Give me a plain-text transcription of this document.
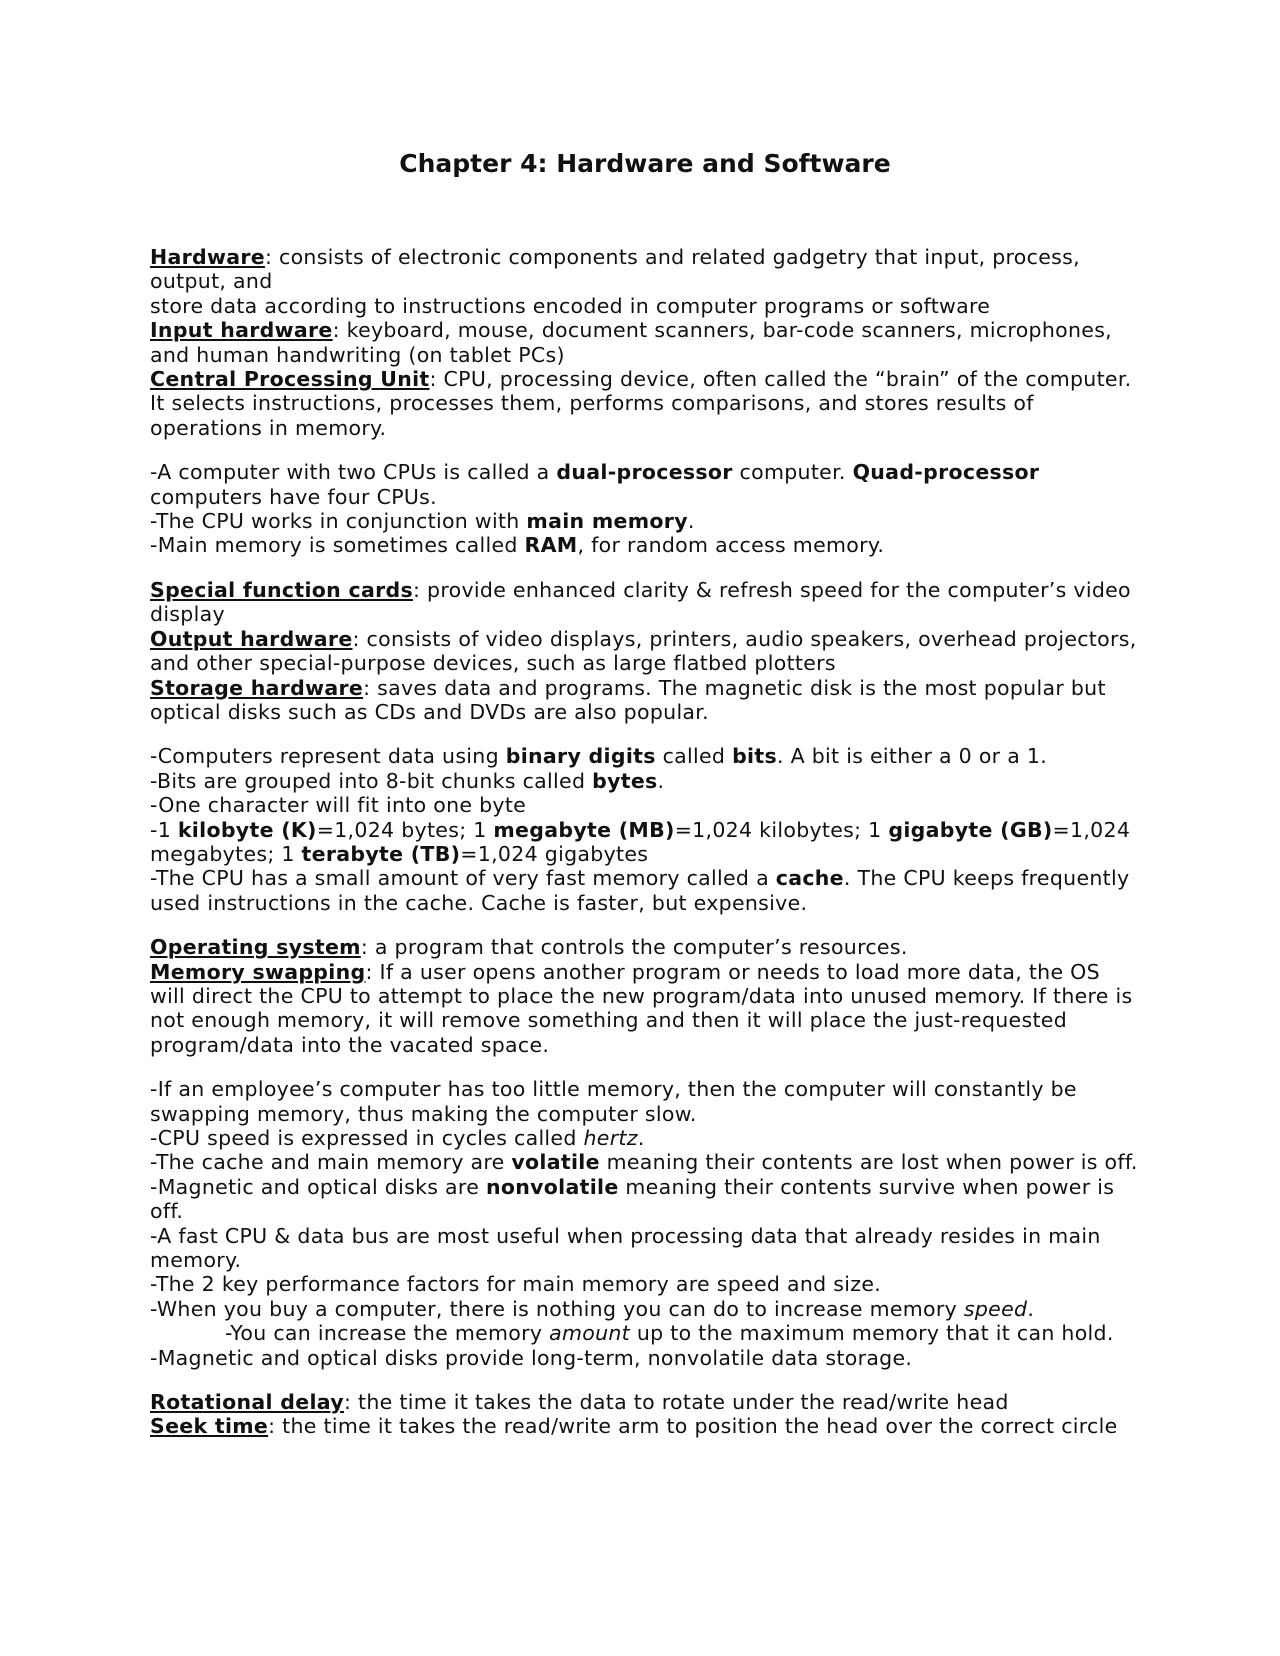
Chapter 4: Hardware and Software

Hardware: consists of electronic components and related gadgetry that input, process, output, and

store data according to instructions encoded in computer programs or software

Input hardware: keyboard, mouse, document scanners, bar-code scanners, microphones, and human handwriting (on tablet PCs)

Central Processing Unit: CPU, processing device, often called the “brain” of the computer. It selects instructions, processes them, performs comparisons, and stores results of operations in memory.

-A computer with two CPUs is called a dual-processor computer. Quad-processor computers have four CPUs.

-The CPU works in conjunction with main memory.

-Main memory is sometimes called RAM, for random access memory.

Special function cards: provide enhanced clarity & refresh speed for the computer’s video display

Output hardware: consists of video displays, printers, audio speakers, overhead projectors, and other special-purpose devices, such as large flatbed plotters

Storage hardware: saves data and programs. The magnetic disk is the most popular but optical disks such as CDs and DVDs are also popular.

-Computers represent data using binary digits called bits. A bit is either a 0 or a 1.

-Bits are grouped into 8-bit chunks called bytes.

-One character will fit into one byte

-1 kilobyte (K)=1,024 bytes; 1 megabyte (MB)=1,024 kilobytes; 1 gigabyte (GB)=1,024 megabytes; 1 terabyte (TB)=1,024 gigabytes

-The CPU has a small amount of very fast memory called a cache. The CPU keeps frequently used instructions in the cache. Cache is faster, but expensive.

Operating system: a program that controls the computer’s resources.

Memory swapping: If a user opens another program or needs to load more data, the OS will direct the CPU to attempt to place the new program/data into unused memory. If there is not enough memory, it will remove something and then it will place the just-requested program/data into the vacated space.

-If an employee’s computer has too little memory, then the computer will constantly be swapping memory, thus making the computer slow.

-CPU speed is expressed in cycles called hertz.

-The cache and main memory are volatile meaning their contents are lost when power is off.

-Magnetic and optical disks are nonvolatile meaning their contents survive when power is off.

-A fast CPU & data bus are most useful when processing data that already resides in main memory.

-The 2 key performance factors for main memory are speed and size.

-When you buy a computer, there is nothing you can do to increase memory speed.

-You can increase the memory amount up to the maximum memory that it can hold.

-Magnetic and optical disks provide long-term, nonvolatile data storage.

Rotational delay: the time it takes the data to rotate under the read/write head

Seek time: the time it takes the read/write arm to position the head over the correct circle
